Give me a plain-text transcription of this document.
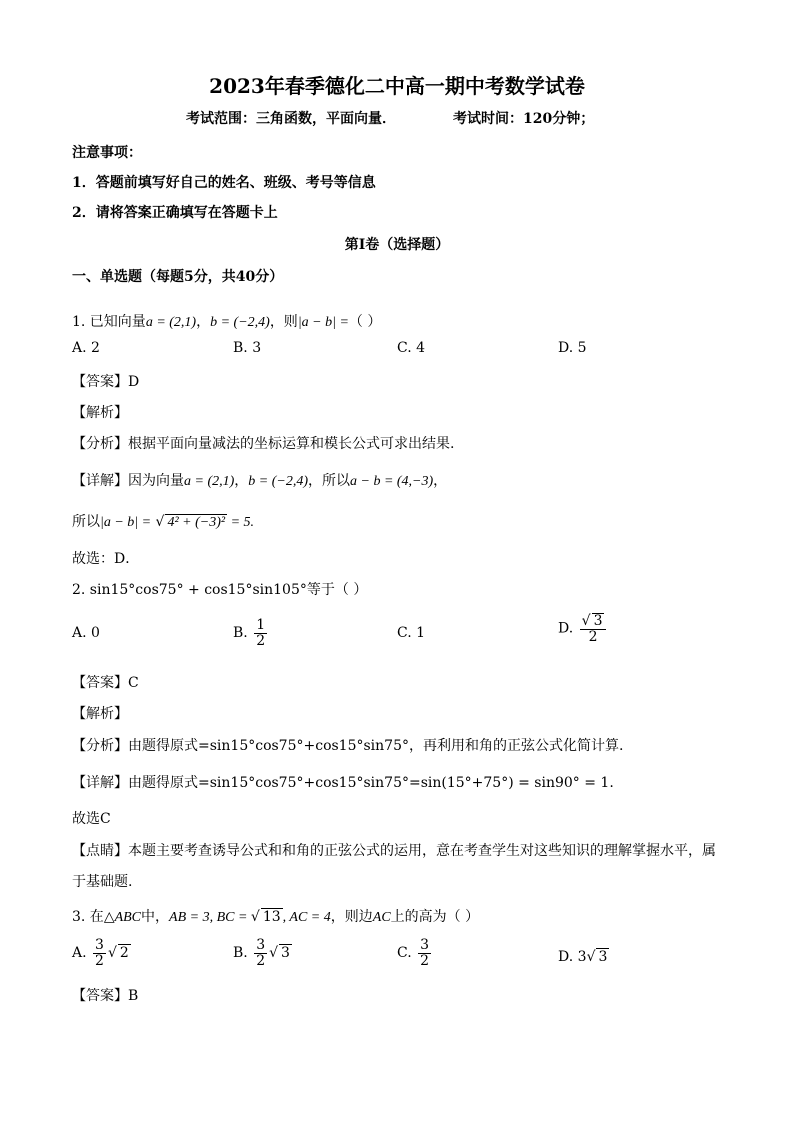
2023年春季德化二中高一期中考数学试卷
考试范围：三角函数，平面向量．	考试时间：120分钟；
注意事项：
1．答题前填写好自己的姓名、班级、考号等信息
2．请将答案正确填写在答题卡上
第I卷（选择题）
一、单选题（每题5分，共40分）
1. 已知向量a = (2,1)，b = (−2,4)，则|a − b| =（ ）
A. 2	B. 3	C. 4	D. 5
【答案】D
【解析】
【分析】根据平面向量减法的坐标运算和模长公式可求出结果.
【详解】因为向量a = (2,1)，b = (−2,4)，所以a − b = (4,−3)，
所以|a − b| = √ 4² + (−3)² = 5.
故选：D．
2. sin15°cos75° + cos15°sin105°等于（ ）
A. 0	B. $\frac{1}{2}$	C. 1	D. $\frac{√ 3}{2}$
【答案】C
【解析】
【分析】由题得原式=sin15°cos75°+cos15°sin75°，再利用和角的正弦公式化简计算.
【详解】由题得原式=sin15°cos75°+cos15°sin75°=sin(15°+75°) = sin90° = 1.
故选C
【点睛】本题主要考查诱导公式和和角的正弦公式的运用，意在考查学生对这些知识的理解掌握水平，属
于基础题.
3. 在△ABC中，AB = 3, BC = √ 13 , AC = 4，则边AC上的高为（ ）
A. $\frac{3}{2}$ √ 2	B. $\frac{3}{2}$ √ 3	C. $\frac{3}{2}$	D. 3√ 3
【答案】B
